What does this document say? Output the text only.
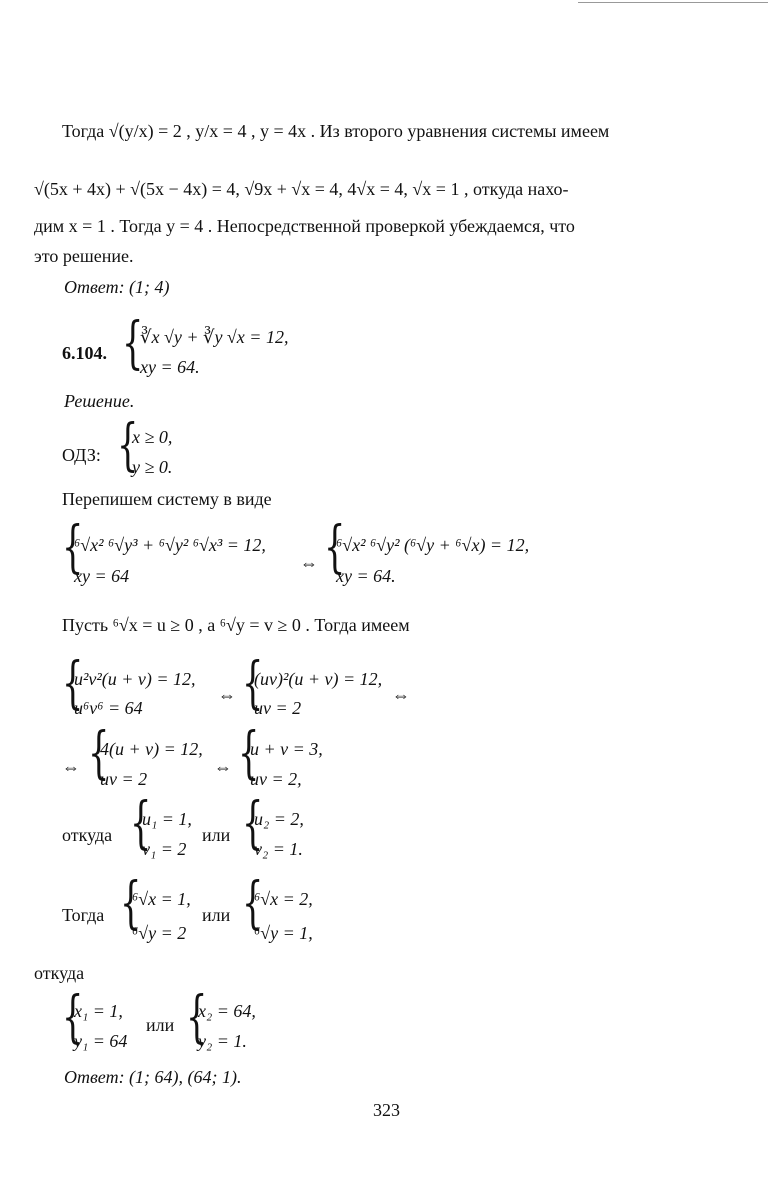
Тогда √(y/x) = 2 , y/x = 4 , y = 4x . Из второго уравнения системы имеем
√(5x + 4x) + √(5x − 4x) = 4, √9x + √x = 4, 4√x = 4, √x = 1 , откуда нахо-
дим x = 1 . Тогда y = 4 . Непосредственной проверкой убеждаемся, что
это решение.
Ответ: (1; 4)
6.104. {
∛x √y + ∛y √x = 12,
xy = 64.
Решение.
ОДЗ: {
x ≥ 0,
y ≥ 0.
Перепишем систему в виде
{
⁶√x² ⁶√y³ + ⁶√y² ⁶√x³ = 12,
xy = 64
⇔ {
⁶√x² ⁶√y² (⁶√y + ⁶√x) = 12,
xy = 64.
Пусть ⁶√x = u ≥ 0 , а ⁶√y = v ≥ 0 . Тогда имеем
{
u²v²(u + v) = 12,
u⁶v⁶ = 64
⇔ {
(uv)²(u + v) = 12,
uv = 2
⇔
⇔ {
4(u + v) = 12,
uv = 2
⇔ {
u + v = 3,
uv = 2,
откуда {
u₁ = 1,
v₁ = 2
или {
u₂ = 2,
v₂ = 1.
Тогда {
⁶√x = 1,
⁶√y = 2
или {
⁶√x = 2,
⁶√y = 1,
откуда
{
x₁ = 1,
y₁ = 64
или {
x₂ = 64,
y₂ = 1.
Ответ: (1; 64), (64; 1).
323
